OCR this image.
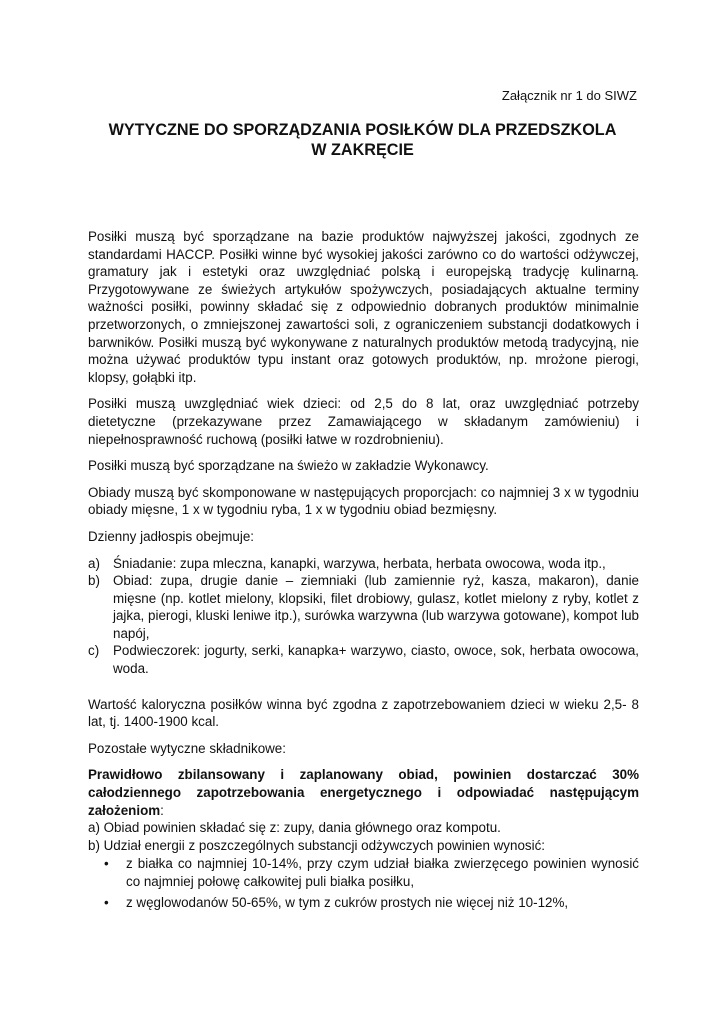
Załącznik nr 1 do SIWZ
WYTYCZNE DO SPORZĄDZANIA POSIŁKÓW DLA PRZEDSZKOLA
W ZAKRĘCIE

Posiłki muszą być sporządzane na bazie produktów najwyższej jakości, zgodnych ze standardami HACCP. Posiłki winne być wysokiej jakości zarówno co do wartości odżywczej, gramatury jak i estetyki oraz uwzględniać polską i europejską tradycję kulinarną. Przygotowywane ze świeżych artykułów spożywczych, posiadających aktualne terminy ważności posiłki, powinny składać się z odpowiednio dobranych produktów minimalnie przetworzonych, o zmniejszonej zawartości soli, z ograniczeniem substancji dodatkowych i barwników. Posiłki muszą być wykonywane z naturalnych produktów metodą tradycyjną, nie można używać produktów typu instant oraz gotowych produktów, np. mrożone pierogi, klopsy, gołąbki itp.

Posiłki muszą uwzględniać wiek dzieci: od 2,5 do 8 lat, oraz uwzględniać potrzeby dietetyczne (przekazywane przez Zamawiającego w składanym zamówieniu) i niepełnosprawność ruchową (posiłki łatwe w rozdrobnieniu).

Posiłki muszą być sporządzane na świeżo w zakładzie Wykonawcy.

Obiady muszą być skomponowane w następujących proporcjach: co najmniej 3 x w tygodniu obiady mięsne, 1 x w tygodniu ryba, 1 x w tygodniu obiad bezmięsny.

Dzienny jadłospis obejmuje:

a) Śniadanie: zupa mleczna, kanapki, warzywa, herbata, herbata owocowa, woda itp.,
b) Obiad: zupa, drugie danie – ziemniaki (lub zamiennie ryż, kasza, makaron), danie mięsne (np. kotlet mielony, klopsiki, filet drobiowy, gulasz, kotlet mielony z ryby, kotlet z jajka, pierogi, kluski leniwe itp.), surówka warzywna (lub warzywa gotowane), kompot lub napój,
c) Podwieczorek: jogurty, serki, kanapka+ warzywo, ciasto, owoce, sok, herbata owocowa, woda.

Wartość kaloryczna posiłków winna być zgodna z zapotrzebowaniem dzieci w wieku 2,5- 8 lat, tj. 1400-1900 kcal.

Pozostałe wytyczne składnikowe:

Prawidłowo zbilansowany i zaplanowany obiad, powinien dostarczać 30% całodziennego zapotrzebowania energetycznego i odpowiadać następującym założeniom:

a) Obiad powinien składać się z: zupy, dania głównego oraz kompotu.

b) Udział energii z poszczególnych substancji odżywczych powinien wynosić:

• z białka co najmniej 10-14%, przy czym udział białka zwierzęcego powinien wynosić co najmniej połowę całkowitej puli białka posiłku,
• z węglowodanów 50-65%, w tym z cukrów prostych nie więcej niż 10-12%,
